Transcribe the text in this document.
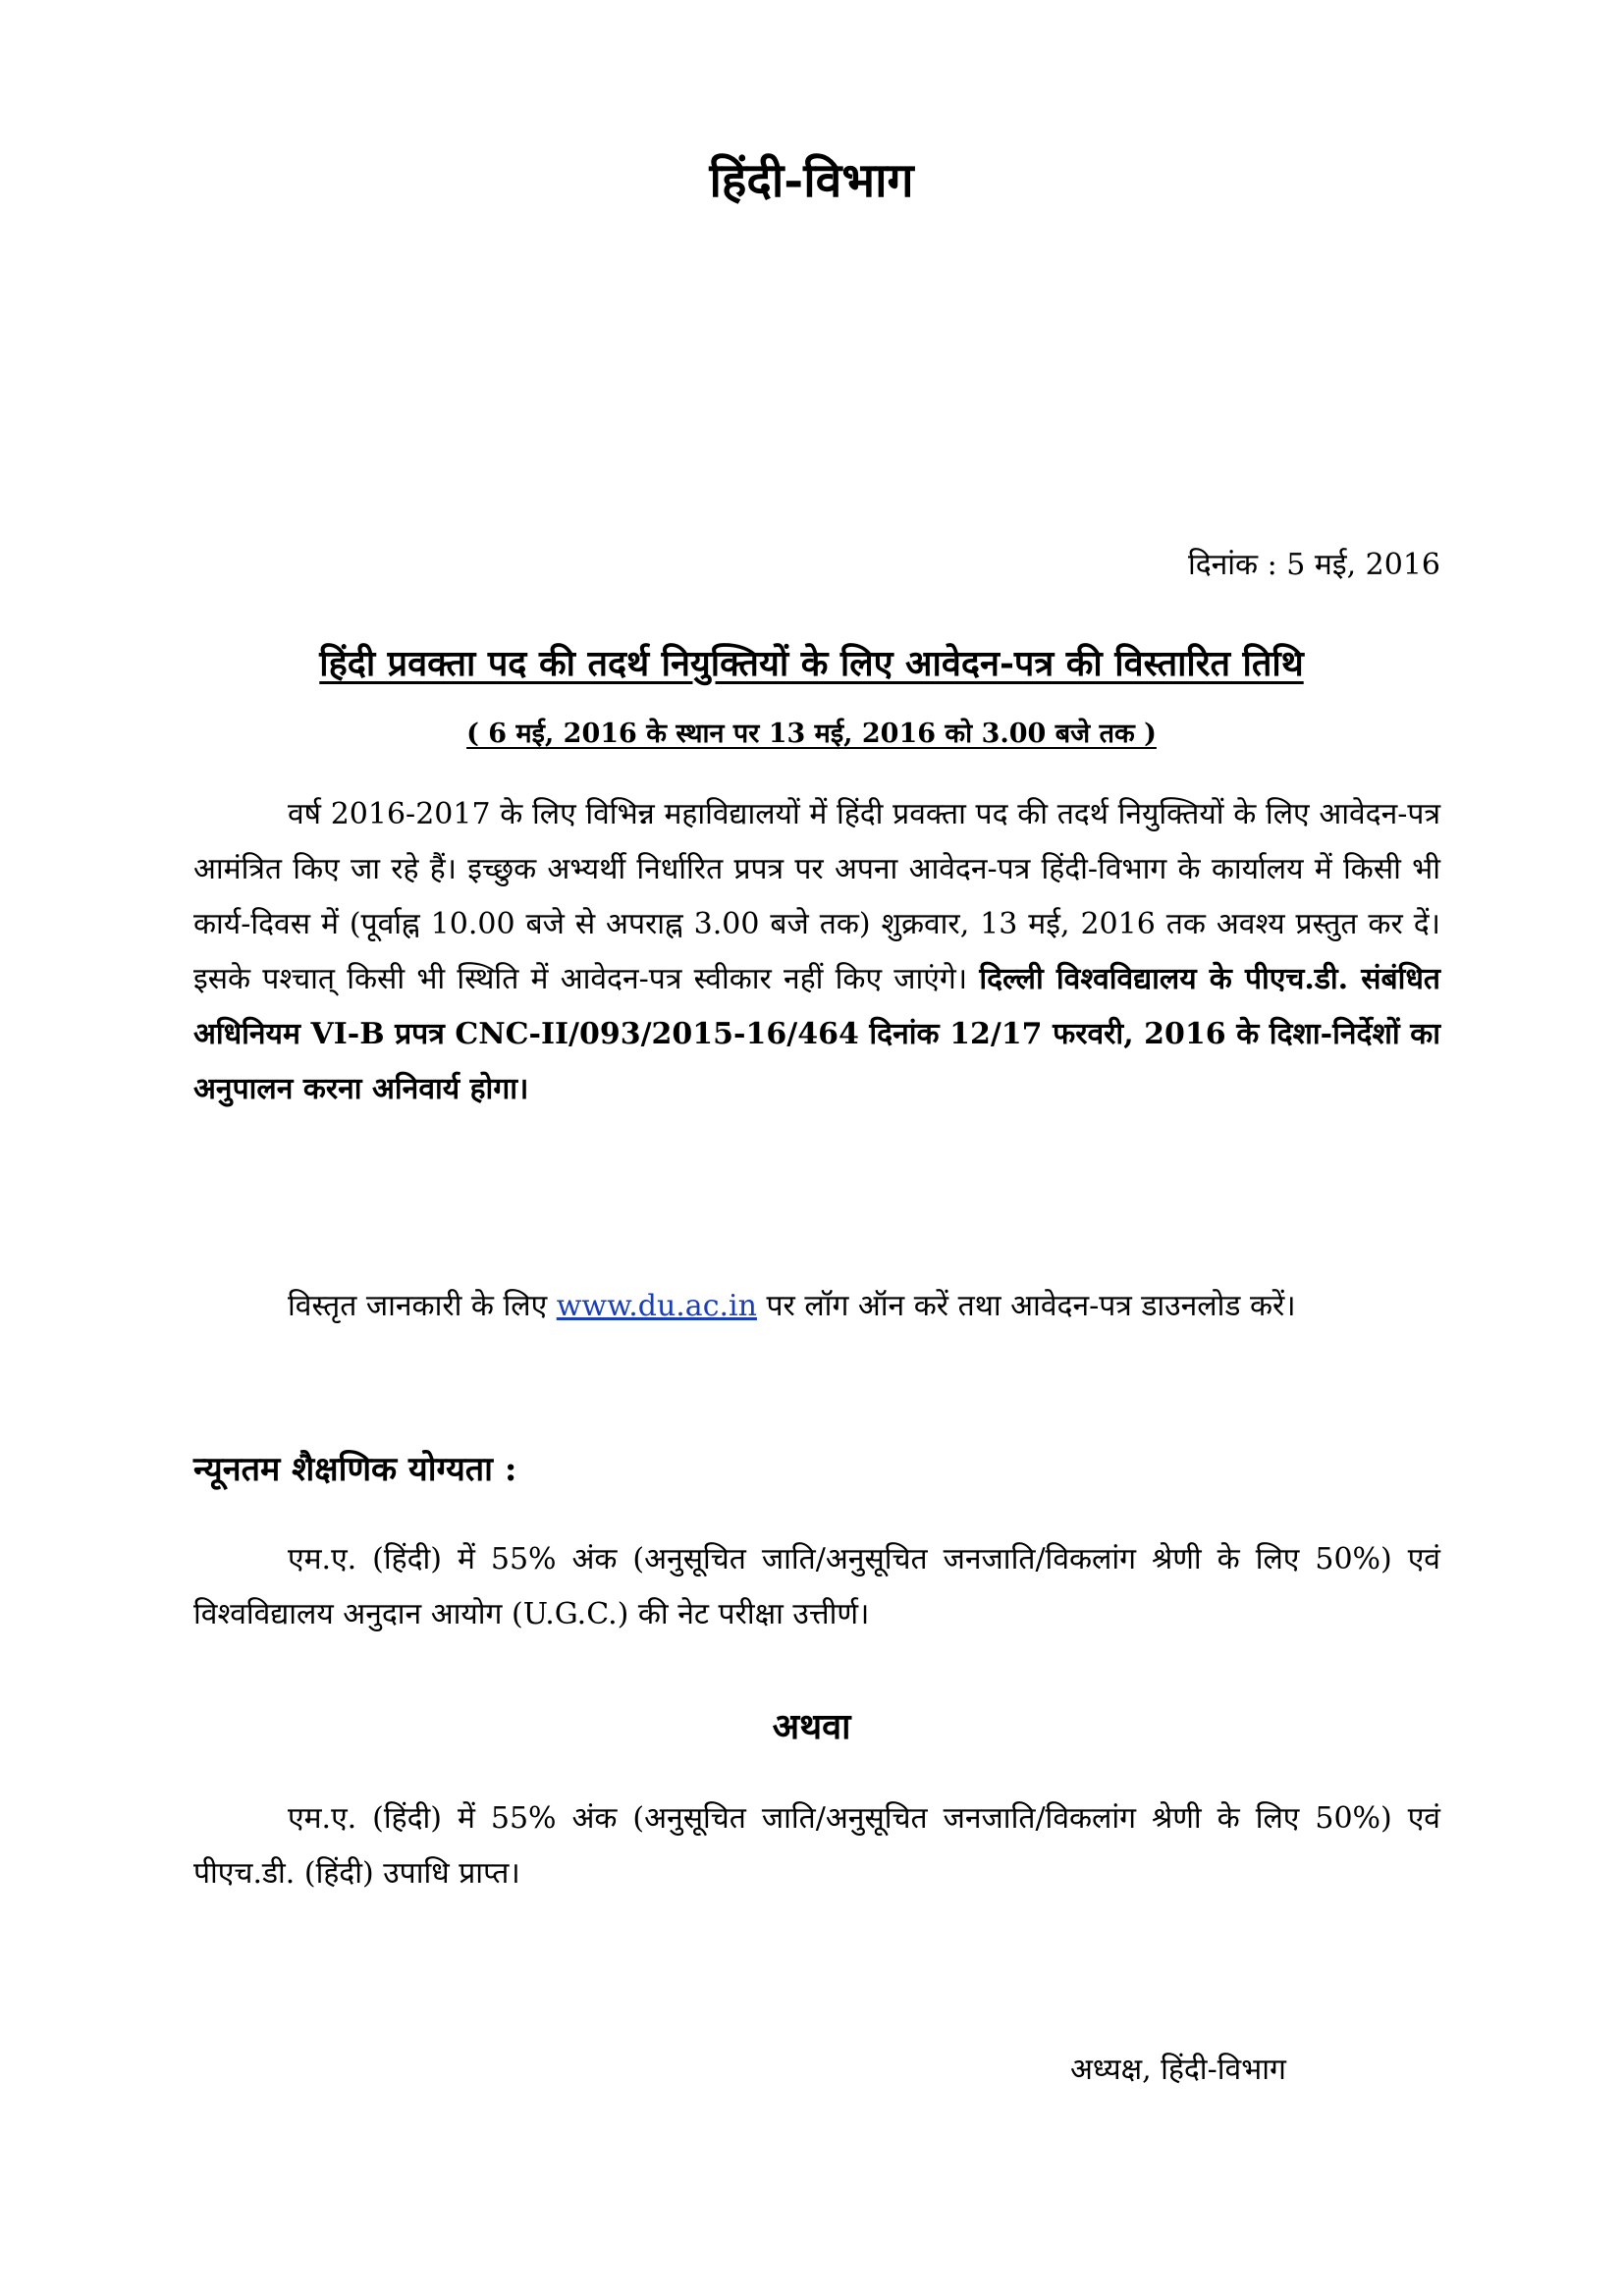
हिंदी-विभाग
दिनांक : 5 मई, 2016
हिंदी प्रवक्ता पद की तदर्थ नियुक्तियों के लिए आवेदन-पत्र की विस्तारित तिथि
( 6 मई, 2016 के स्थान पर 13 मई, 2016 को 3.00 बजे तक )

वर्ष 2016-2017 के लिए विभिन्न महाविद्यालयों में हिंदी प्रवक्ता पद की तदर्थ नियुक्तियों के लिए आवेदन-पत्र आमंत्रित किए जा रहे हैं। इच्छुक अभ्यर्थी निर्धारित प्रपत्र पर अपना आवेदन-पत्र हिंदी-विभाग के कार्यालय में किसी भी कार्य-दिवस में (पूर्वाह्न 10.00 बजे से अपराह्न 3.00 बजे तक) शुक्रवार, 13 मई, 2016 तक अवश्य प्रस्तुत कर दें। इसके पश्चात् किसी भी स्थिति में आवेदन-पत्र स्वीकार नहीं किए जाएंगे। दिल्ली विश्वविद्यालय के पीएच.डी. संबंधित अधिनियम VI-B प्रपत्र CNC-II/093/2015-16/464 दिनांक 12/17 फरवरी, 2016 के दिशा-निर्देशों का अनुपालन करना अनिवार्य होगा।

विस्तृत जानकारी के लिए www.du.ac.in पर लॉग ऑन करें तथा आवेदन-पत्र डाउनलोड करें।

न्यूनतम शैक्षणिक योग्यता :

एम.ए. (हिंदी) में 55% अंक (अनुसूचित जाति/अनुसूचित जनजाति/विकलांग श्रेणी के लिए 50%) एवं विश्वविद्यालय अनुदान आयोग (U.G.C.) की नेट परीक्षा उत्तीर्ण।

अथवा

एम.ए. (हिंदी) में 55% अंक (अनुसूचित जाति/अनुसूचित जनजाति/विकलांग श्रेणी के लिए 50%) एवं पीएच.डी. (हिंदी) उपाधि प्राप्त।

अध्यक्ष, हिंदी-विभाग
